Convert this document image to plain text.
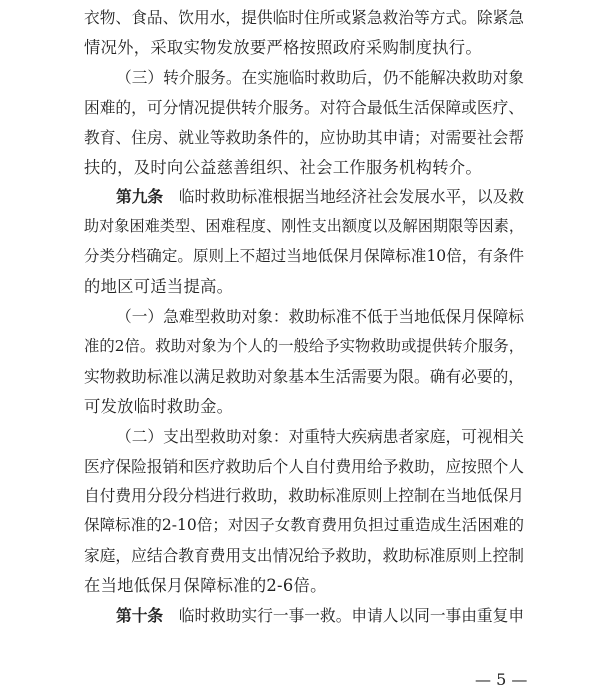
衣物、食品、饮用水，提供临时住所或紧急救治等方式。除紧急
情况外，采取实物发放要严格按照政府采购制度执行。
（三）转介服务。在实施临时救助后，仍不能解决救助对象
困难的，可分情况提供转介服务。对符合最低生活保障或医疗、
教育、住房、就业等救助条件的，应协助其申请；对需要社会帮
扶的，及时向公益慈善组织、社会工作服务机构转介。
第九条  临时救助标准根据当地经济社会发展水平，以及救
助对象困难类型、困难程度、刚性支出额度以及解困期限等因素，
分类分档确定。原则上不超过当地低保月保障标准10倍，有条件
的地区可适当提高。
（一）急难型救助对象：救助标准不低于当地低保月保障标
准的2倍。救助对象为个人的一般给予实物救助或提供转介服务，
实物救助标准以满足救助对象基本生活需要为限。确有必要的，
可发放临时救助金。
（二）支出型救助对象：对重特大疾病患者家庭，可视相关
医疗保险报销和医疗救助后个人自付费用给予救助，应按照个人
自付费用分段分档进行救助，救助标准原则上控制在当地低保月
保障标准的2-10倍；对因子女教育费用负担过重造成生活困难的
家庭，应结合教育费用支出情况给予救助，救助标准原则上控制
在当地低保月保障标准的2-6倍。
第十条  临时救助实行一事一救。申请人以同一事由重复申
— 5 —
